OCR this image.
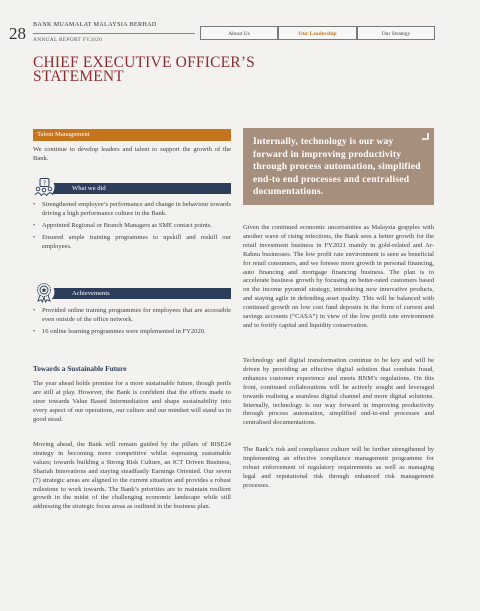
28 BANK MUAMALAT MALAYSIA BERHAD
ANNUAL REPORT FY2020
About Us	Our Leadership	Our Strategy
CHIEF EXECUTIVE OFFICER’S
STATEMENT
Talent Management
We continue to develop leaders and talent to support the growth of the Bank.
What we did
?
• Strengthened employee’s performance and change in behaviour towards driving a high performance culture in the Bank.
• Appointed Regional or Branch Managers as SME contact points.
• Ensured ample training programmes to upskill and reskill our employees.
Achievements
• Provided online training programmes for employees that are accessible even outside of the office network.
• 16 online learning programmes were implemented in FY2020.
Towards a Sustainable Future
The year ahead holds promise for a more sustainable future, though perils are still at play. However, the Bank is confident that the efforts made to steer towards Value Based Intermediation and shape sustainability into every aspect of our operations, our culture and our mindset will stand us in good stead.
Moving ahead, the Bank will remain guided by the pillars of RISE24 strategy in becoming more competitive whilst espousing sustainable values; towards building a Strong Risk Culture, an ICT Driven Business, Shariah Innovations and staying steadfastly Earnings Oriented. Our seven (7) strategic areas are aligned to the current situation and provides a robust milestone to work towards. The Bank’s priorities are to maintain resilient growth in the midst of the challenging economic landscape while still addressing the strategic focus areas as outlined in the business plan.
Internally, technology is our way forward in improving productivity through process automation, simplified end-to end processes and centralised documentations.
Given the continued economic uncertainties as Malaysia grapples with another wave of rising infections, the Bank sees a better growth for the retail investment business in FY2021 mainly in gold-related and Ar-Rahnu businesses. The low profit rate environment is seen as beneficial for retail consumers, and we foresee more growth in personal financing, auto financing and mortgage financing business. The plan is to accelerate business growth by focusing on better-rated customers based on the income pyramid strategy, introducing new innovative products, and staying agile in defending asset quality. This will be balanced with continued growth on low cost fund deposits in the form of current and savings accounts (“CASA”) in view of the low profit rate environment and to fortify capital and liquidity conservation.
Technology and digital transformation continue to be key and will be driven by providing an effective digital solution that combats fraud, enhances customer experience and meets BNM’s regulations. On this front, continued collaborations will be actively sought and leveraged towards realising a seamless digital channel and more digital solutions. Internally, technology is our way forward in improving productivity through process automation, simplified end-to-end processes and centralised documentations.
The Bank’s risk and compliance culture will be further strengthened by implementing an effective compliance management programme for robust enforcement of regulatory requirements as well as managing legal and reputational risk through enhanced risk management processes.
